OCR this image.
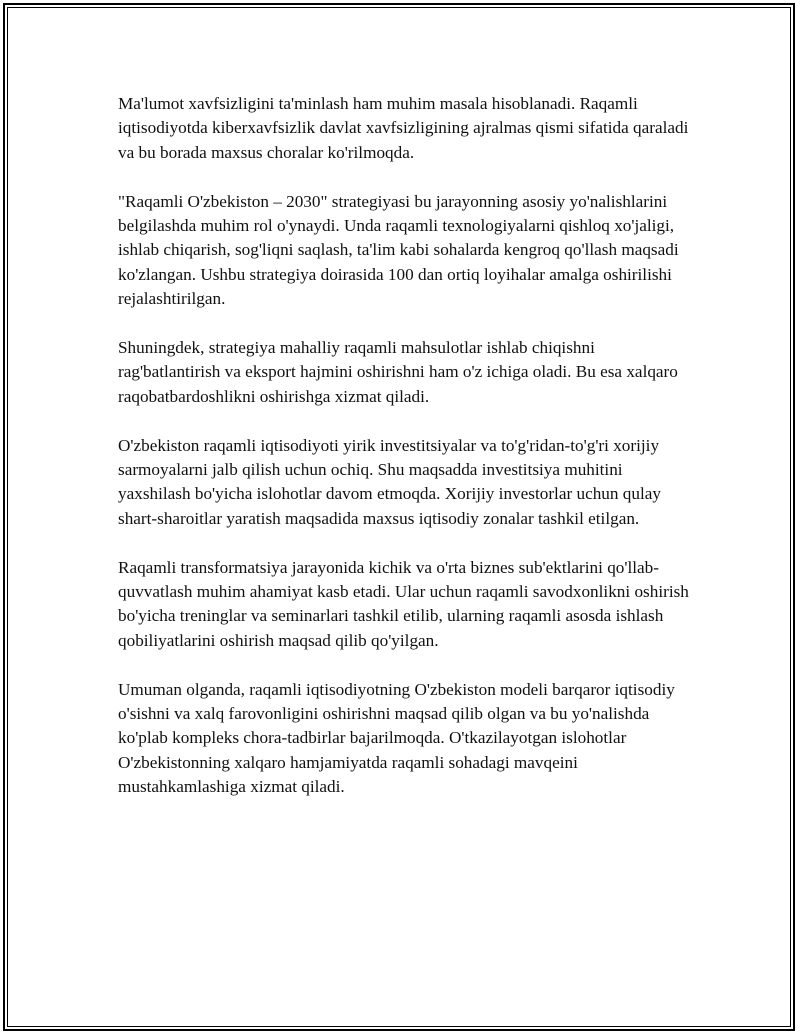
Ma'lumot xavfsizligini ta'minlash ham muhim masala hisoblanadi. Raqamli iqtisodiyotda kiberxavfsizlik davlat xavfsizligining ajralmas qismi sifatida qaraladi va bu borada maxsus choralar ko'rilmoqda.

"Raqamli O'zbekiston – 2030" strategiyasi bu jarayonning asosiy yo'nalishlarini belgilashda muhim rol o'ynaydi. Unda raqamli texnologiyalarni qishloq xo'jaligi, ishlab chiqarish, sog'liqni saqlash, ta'lim kabi sohalarda kengroq qo'llash maqsadi ko'zlangan. Ushbu strategiya doirasida 100 dan ortiq loyihalar amalga oshirilishi rejalashtirilgan.

Shuningdek, strategiya mahalliy raqamli mahsulotlar ishlab chiqishni rag'batlantirish va eksport hajmini oshirishni ham o'z ichiga oladi. Bu esa xalqaro raqobatbardoshlikni oshirishga xizmat qiladi.

O'zbekiston raqamli iqtisodiyoti yirik investitsiyalar va to'g'ridan-to'g'ri xorijiy sarmoyalarni jalb qilish uchun ochiq. Shu maqsadda investitsiya muhitini yaxshilash bo'yicha islohotlar davom etmoqda. Xorijiy investorlar uchun qulay shart-sharoitlar yaratish maqsadida maxsus iqtisodiy zonalar tashkil etilgan.

Raqamli transformatsiya jarayonida kichik va o'rta biznes sub'ektlarini qo'llab-quvvatlash muhim ahamiyat kasb etadi. Ular uchun raqamli savodxonlikni oshirish bo'yicha treninglar va seminarlari tashkil etilib, ularning raqamli asosda ishlash qobiliyatlarini oshirish maqsad qilib qo'yilgan.

Umuman olganda, raqamli iqtisodiyotning O'zbekiston modeli barqaror iqtisodiy o'sishni va xalq farovonligini oshirishni maqsad qilib olgan va bu yo'nalishda ko'plab kompleks chora-tadbirlar bajarilmoqda. O'tkazilayotgan islohotlar O'zbekistonning xalqaro hamjamiyatda raqamli sohadagi mavqeini mustahkamlashiga xizmat qiladi.
